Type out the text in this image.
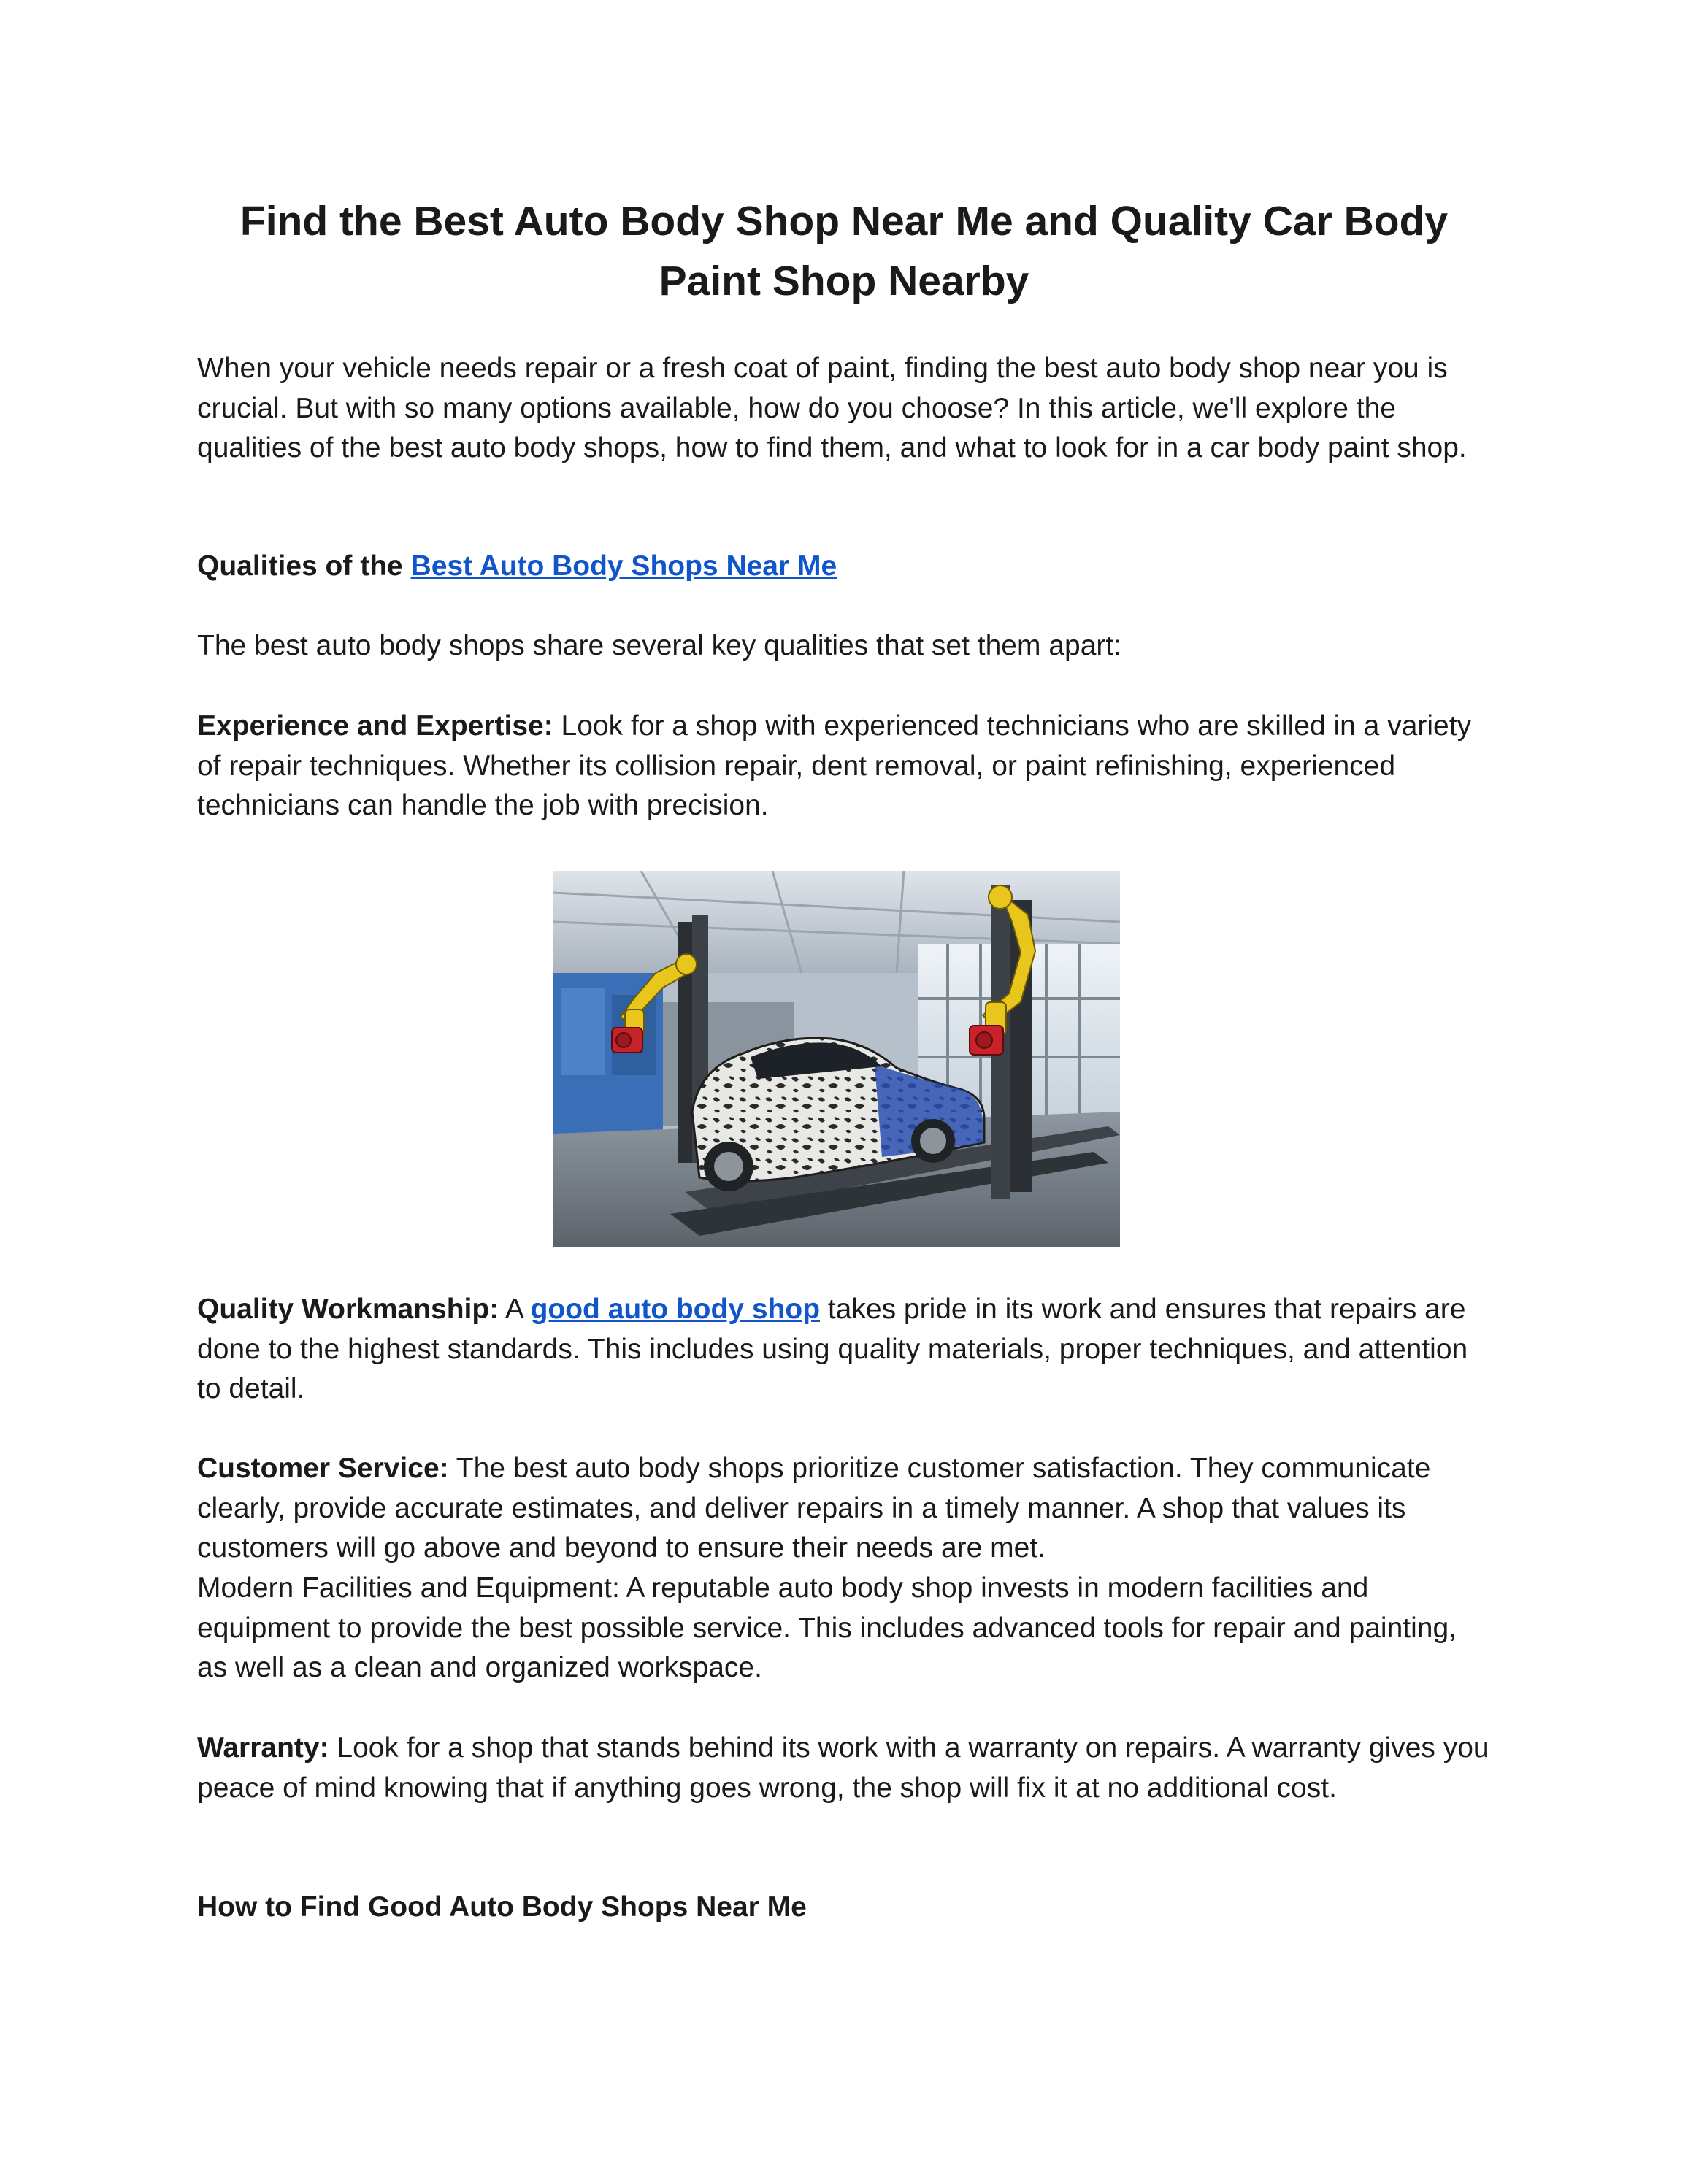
Find the Best Auto Body Shop Near Me and Quality Car Body Paint Shop Nearby

When your vehicle needs repair or a fresh coat of paint, finding the best auto body shop near you is crucial. But with so many options available, how do you choose? In this article, we'll explore the qualities of the best auto body shops, how to find them, and what to look for in a car body paint shop.

Qualities of the Best Auto Body Shops Near Me

The best auto body shops share several key qualities that set them apart:

Experience and Expertise: Look for a shop with experienced technicians who are skilled in a variety of repair techniques. Whether its collision repair, dent removal, or paint refinishing, experienced technicians can handle the job with precision.

Quality Workmanship: A good auto body shop takes pride in its work and ensures that repairs are done to the highest standards. This includes using quality materials, proper techniques, and attention to detail.

Customer Service: The best auto body shops prioritize customer satisfaction. They communicate clearly, provide accurate estimates, and deliver repairs in a timely manner. A shop that values its customers will go above and beyond to ensure their needs are met.

Modern Facilities and Equipment: A reputable auto body shop invests in modern facilities and equipment to provide the best possible service. This includes advanced tools for repair and painting, as well as a clean and organized workspace.

Warranty: Look for a shop that stands behind its work with a warranty on repairs. A warranty gives you peace of mind knowing that if anything goes wrong, the shop will fix it at no additional cost.

How to Find Good Auto Body Shops Near Me
